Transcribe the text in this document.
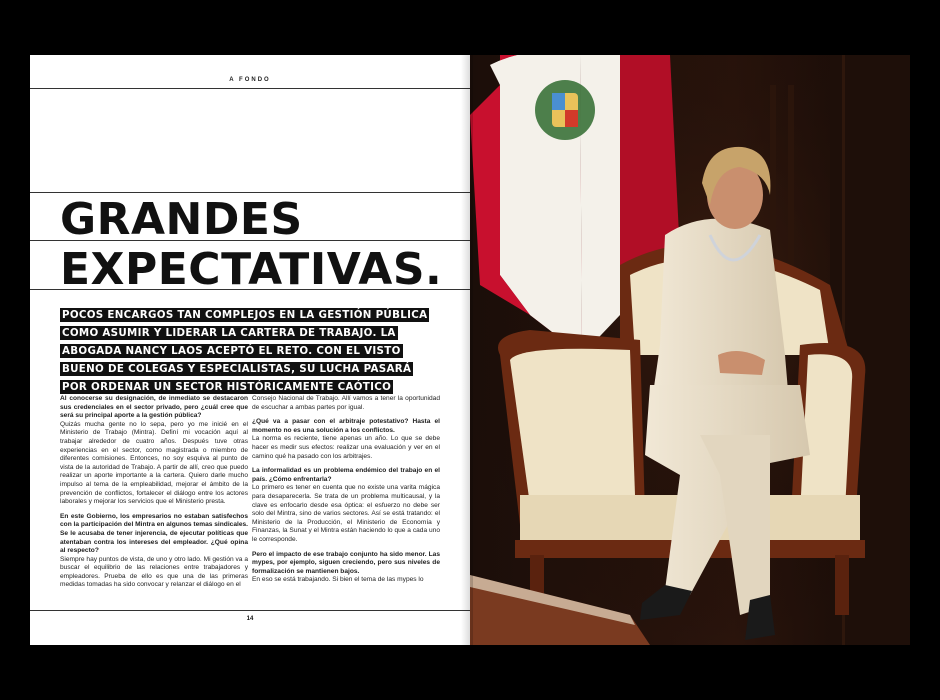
A FONDO
GRANDES
EXPECTATIVAS.
POCOS ENCARGOS TAN COMPLEJOS EN LA GESTIÓN PÚBLICA COMO ASUMIR Y LIDERAR LA CARTERA DE TRABAJO. LA ABOGADA NANCY LAOS ACEPTÓ EL RETO. CON EL VISTO BUENO DE COLEGAS Y ESPECIALISTAS, SU LUCHA PASARÁ POR ORDENAR UN SECTOR HISTÓRICAMENTE CAÓTICO

Al conocerse su designación, de inmediato se destacaron sus credenciales en el sector privado, pero ¿cuál cree que será su principal aporte a la gestión pública?
Quizás mucha gente no lo sepa, pero yo me inicié en el Ministerio de Trabajo (Mintra). Definí mi vocación aquí al trabajar alrededor de cuatro años. Después tuve otras experiencias en el sector, como magistrada o miembro de diferentes comisiones. Entonces, no soy esquiva al punto de vista de la autoridad de Trabajo. A partir de allí, creo que puedo realizar un aporte importante a la cartera. Quiero darle mucho impulso al tema de la empleabilidad, mejorar el ámbito de la prevención de conflictos, fortalecer el diálogo entre los actores laborales y mejorar los servicios que el Ministerio presta.

En este Gobierno, los empresarios no estaban satisfechos con la participación del Mintra en algunos temas sindicales. Se le acusaba de tener injerencia, de ejecutar políticas que atentaban contra los intereses del empleador. ¿Qué opina al respecto?
Siempre hay puntos de vista, de uno y otro lado. Mi gestión va a buscar el equilibrio de las relaciones entre trabajadores y empleadores. Prueba de ello es que una de las primeras medidas tomadas ha sido convocar y relanzar el diálogo en el

Consejo Nacional de Trabajo. Allí vamos a tener la oportunidad de escuchar a ambas partes por igual.

¿Qué va a pasar con el arbitraje potestativo? Hasta el momento no es una solución a los conflictos.
La norma es reciente, tiene apenas un año. Lo que se debe hacer es medir sus efectos: realizar una evaluación y ver en el camino qué ha pasado con los arbitrajes.

La informalidad es un problema endémico del trabajo en el país. ¿Cómo enfrentarla?
Lo primero es tener en cuenta que no existe una varita mágica para desaparecerla. Se trata de un problema multicausal, y la clave es enfocarlo desde esa óptica: el esfuerzo no debe ser solo del Mintra, sino de varios sectores. Así se está tratando: el Ministerio de la Producción, el Ministerio de Economía y Finanzas, la Sunat y el Mintra están haciendo lo que a cada uno le corresponde.

Pero el impacto de ese trabajo conjunto ha sido menor. Las mypes, por ejemplo, siguen creciendo, pero sus niveles de formalización se mantienen bajos.
En eso se está trabajando. Si bien el tema de las mypes lo

14
